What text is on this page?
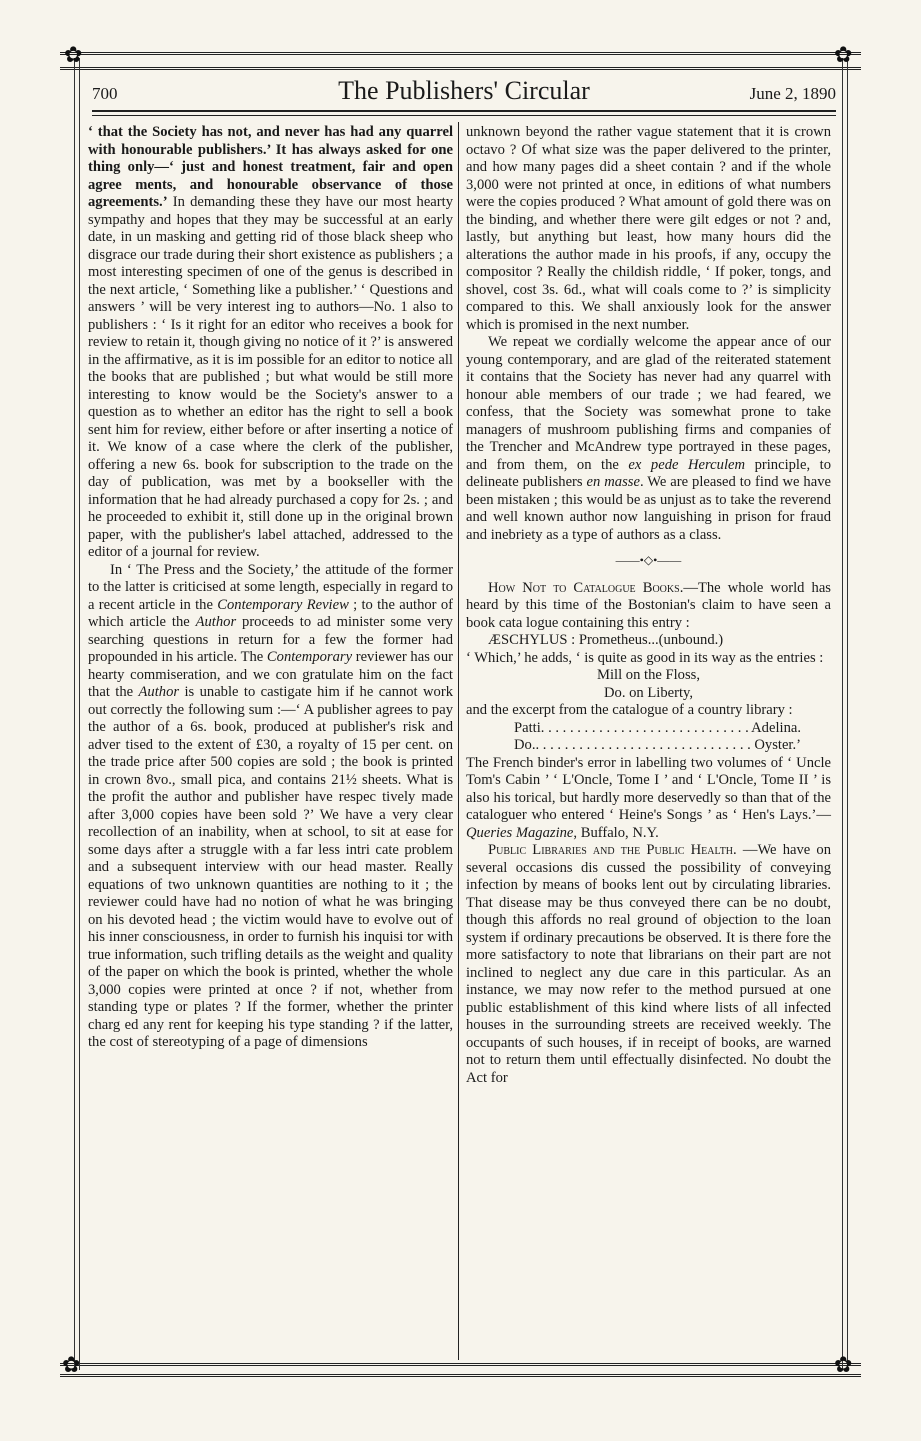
✿	✿
✿	✿
700	The Publishers' Circular	June 2, 1890

‘ that the Society has not, and never has had any quarrel with honourable publishers.’ It has always asked for one thing only—‘ just and honest treatment, fair and open agree ments, and honourable observance of those agreements.’ In demanding these they have our most hearty sympathy and hopes that they may be successful at an early date, in un masking and getting rid of those black sheep who disgrace our trade during their short existence as publishers ; a most interesting specimen of one of the genus is described in the next article, ‘ Something like a publisher.’ ‘ Questions and answers ’ will be very interest ing to authors—No. 1 also to publishers : ‘ Is it right for an editor who receives a book for review to retain it, though giving no notice of it ?’ is answered in the affirmative, as it is im possible for an editor to notice all the books that are published ; but what would be still more interesting to know would be the Society's answer to a question as to whether an editor has the right to sell a book sent him for review, either before or after inserting a notice of it. We know of a case where the clerk of the publisher, offering a new 6s. book for subscription to the trade on the day of publication, was met by a bookseller with the information that he had already purchased a copy for 2s. ; and he proceeded to exhibit it, still done up in the original brown paper, with the publisher's label attached, addressed to the editor of a journal for review.

In ‘ The Press and the Society,’ the attitude of the former to the latter is criticised at some length, especially in regard to a recent article in the Contemporary Review ; to the author of which article the Author proceeds to ad minister some very searching questions in return for a few the former had propounded in his article. The Contemporary reviewer has our hearty commiseration, and we con gratulate him on the fact that the Author is unable to castigate him if he cannot work out correctly the following sum :—‘ A publisher agrees to pay the author of a 6s. book, produced at publisher's risk and adver tised to the extent of £30, a royalty of 15 per cent. on the trade price after 500 copies are sold ; the book is printed in crown 8vo., small pica, and contains 21½ sheets. What is the profit the author and publisher have respec tively made after 3,000 copies have been sold ?’ We have a very clear recollection of an inability, when at school, to sit at ease for some days after a struggle with a far less intri cate problem and a subsequent interview with our head master. Really equations of two unknown quantities are nothing to it ; the reviewer could have had no notion of what he was bringing on his devoted head ; the victim would have to evolve out of his inner consciousness, in order to furnish his inquisi tor with true information, such trifling details as the weight and quality of the paper on which the book is printed, whether the whole 3,000 copies were printed at once ? if not, whether from standing type or plates ? If the former, whether the printer charg ed any rent for keeping his type standing ? if the latter, the cost of stereotyping of a page of dimensions

unknown beyond the rather vague statement that it is crown octavo ? Of what size was the paper delivered to the printer, and how many pages did a sheet contain ? and if the whole 3,000 were not printed at once, in editions of what numbers were the copies produced ? What amount of gold there was on the binding, and whether there were gilt edges or not ? and, lastly, but anything but least, how many hours did the alterations the author made in his proofs, if any, occupy the compositor ? Really the childish riddle, ‘ If poker, tongs, and shovel, cost 3s. 6d., what will coals come to ?’ is simplicity compared to this. We shall anxiously look for the answer which is promised in the next number.

We repeat we cordially welcome the appear ance of our young contemporary, and are glad of the reiterated statement it contains that the Society has never had any quarrel with honour able members of our trade ; we had feared, we confess, that the Society was somewhat prone to take managers of mushroom publishing firms and companies of the Trencher and McAndrew type portrayed in these pages, and from them, on the ex pede Herculem principle, to delineate publishers en masse. We are pleased to find we have been mistaken ; this would be as unjust as to take the reverend and well known author now languishing in prison for fraud and inebriety as a type of authors as a class.

——•◇•——

How Not to Catalogue Books.—The whole world has heard by this time of the Bostonian's claim to have seen a book cata logue containing this entry :

ÆSCHYLUS : Prometheus...(unbound.)

‘ Which,’ he adds, ‘ is quite as good in its way as the entries :

Mill on the Floss,

Do. on Liberty,

and the excerpt from the catalogue of a country library :

Patti . . .	Adelina.
Do. . . .	Oyster.’

The French binder's error in labelling two volumes of ‘ Uncle Tom's Cabin ’ ‘ L'Oncle, Tome I ’ and ‘ L'Oncle, Tome II ’ is also his torical, but hardly more deservedly so than that of the cataloguer who entered ‘ Heine's Songs ’ as ‘ Hen's Lays.’—Queries Magazine, Buffalo, N.Y.

Public Libraries and the Public Health. —We have on several occasions dis cussed the possibility of conveying infection by means of books lent out by circulating libraries. That disease may be thus conveyed there can be no doubt, though this affords no real ground of objection to the loan system if ordinary precautions be observed. It is there fore the more satisfactory to note that librarians on their part are not inclined to neglect any due care in this particular. As an instance, we may now refer to the method pursued at one public establishment of this kind where lists of all infected houses in the surrounding streets are received weekly. The occupants of such houses, if in receipt of books, are warned not to return them until effectually disinfected. No doubt the Act for
